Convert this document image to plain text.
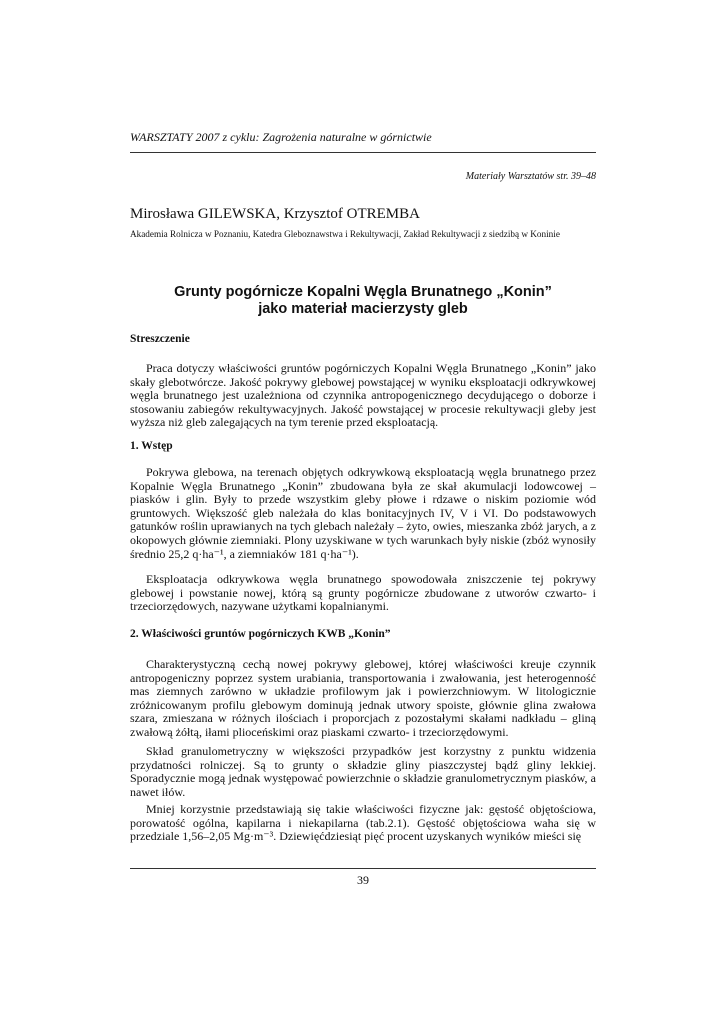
WARSZTATY 2007 z cyklu: Zagrożenia naturalne w górnictwie
Materiały Warsztatów str. 39–48
Mirosława GILEWSKA, Krzysztof OTREMBA
Akademia Rolnicza w Poznaniu, Katedra Gleboznawstwa i Rekultywacji, Zakład Rekultywacji z siedzibą w Koninie
Grunty pogórnicze Kopalni Węgla Brunatnego „Konin”
jako materiał macierzysty gleb
Streszczenie

Praca dotyczy właściwości gruntów pogórniczych Kopalni Węgla Brunatnego „Konin” jako skały glebotwórcze. Jakość pokrywy glebowej powstającej w wyniku eksploatacji odkrywkowej węgla brunatnego jest uzależniona od czynnika antropogenicznego decydującego o doborze i stosowaniu zabiegów rekultywacyjnych. Jakość powstającej w procesie rekultywacji gleby jest wyższa niż gleb zalegających na tym terenie przed eksploatacją.

1. Wstęp

Pokrywa glebowa, na terenach objętych odkrywkową eksploatacją węgla brunatnego przez Kopalnie Węgla Brunatnego „Konin” zbudowana była ze skał akumulacji lodowcowej – piasków i glin. Były to przede wszystkim gleby płowe i rdzawe o niskim poziomie wód gruntowych. Większość gleb należała do klas bonitacyjnych IV, V i VI. Do podstawowych gatunków roślin uprawianych na tych glebach należały – żyto, owies, mieszanka zbóż jarych, a z okopowych głównie ziemniaki. Plony uzyskiwane w tych warunkach były niskie (zbóż wynosiły średnio 25,2 q·ha⁻¹, a ziemniaków 181 q·ha⁻¹).

Eksploatacja odkrywkowa węgla brunatnego spowodowała zniszczenie tej pokrywy glebowej i powstanie nowej, którą są grunty pogórnicze zbudowane z utworów czwarto- i trzeciorzędowych, nazywane użytkami kopalnianymi.

2. Właściwości gruntów pogórniczych KWB „Konin”

Charakterystyczną cechą nowej pokrywy glebowej, której właściwości kreuje czynnik antropogeniczny poprzez system urabiania, transportowania i zwałowania, jest heterogenność mas ziemnych zarówno w układzie profilowym jak i powierzchniowym. W litologicznie zróżnicowanym profilu glebowym dominują jednak utwory spoiste, głównie glina zwałowa szara, zmieszana w różnych ilościach i proporcjach z pozostałymi skałami nadkładu – gliną zwałową żółtą, iłami plioceńskimi oraz piaskami czwarto- i trzeciorzędowymi.

Skład granulometryczny w większości przypadków jest korzystny z punktu widzenia przydatności rolniczej. Są to grunty o składzie gliny piaszczystej bądź gliny lekkiej. Sporadycznie mogą jednak występować powierzchnie o składzie granulometrycznym piasków, a nawet iłów.

Mniej korzystnie przedstawiają się takie właściwości fizyczne jak: gęstość objętościowa, porowatość ogólna, kapilarna i niekapilarna (tab.2.1). Gęstość objętościowa waha się w przedziale 1,56–2,05 Mg·m⁻³. Dziewięćdziesiąt pięć procent uzyskanych wyników mieści się

39
